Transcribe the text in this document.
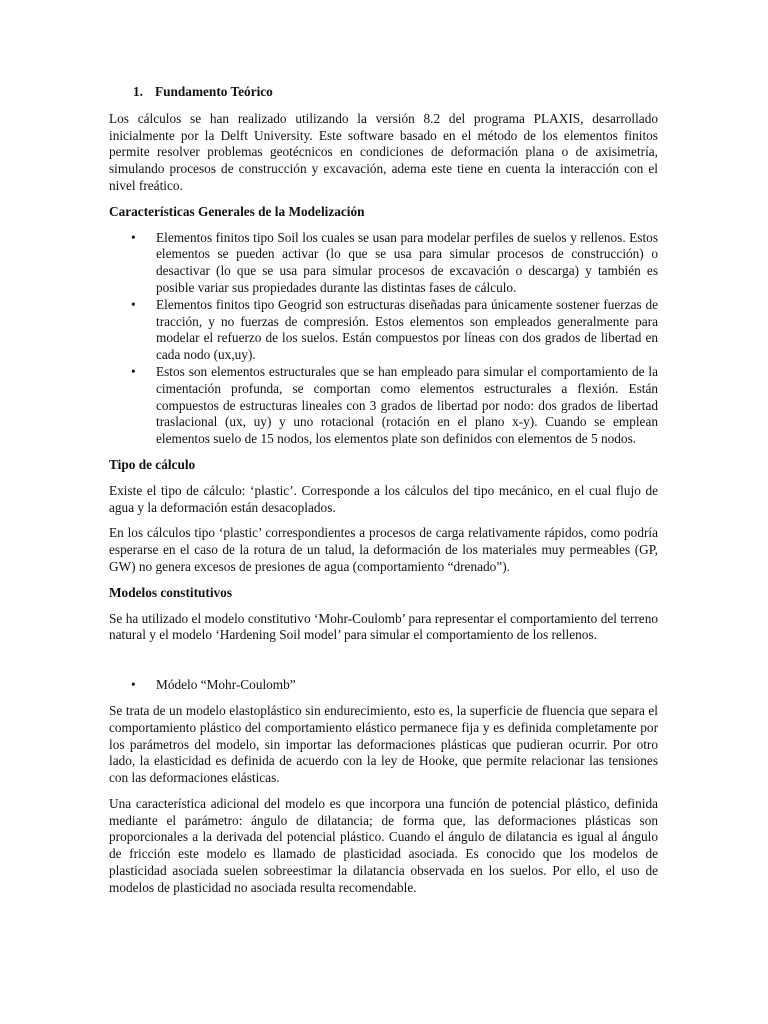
1. Fundamento Teórico

Los cálculos se han realizado utilizando la versión 8.2 del programa PLAXIS, desarrollado inicialmente por la Delft University. Este software basado en el método de los elementos finitos permite resolver problemas geotécnicos en condiciones de deformación plana o de axisimetría, simulando procesos de construcción y excavación, adema este tiene en cuenta la interacción con el nivel freático.

Características Generales de la Modelización
• Elementos finitos tipo Soil los cuales se usan para modelar perfiles de suelos y rellenos. Estos elementos se pueden activar (lo que se usa para simular procesos de construcción) o desactivar (lo que se usa para simular procesos de excavación o descarga) y también es posible variar sus propiedades durante las distintas fases de cálculo.
• Elementos finitos tipo Geogrid son estructuras diseñadas para únicamente sostener fuerzas de tracción, y no fuerzas de compresión. Estos elementos son empleados generalmente para modelar el refuerzo de los suelos. Están compuestos por líneas con dos grados de libertad en cada nodo (ux,uy).
• Estos son elementos estructurales que se han empleado para simular el comportamiento de la cimentación profunda, se comportan como elementos estructurales a flexión. Están compuestos de estructuras lineales con 3 grados de libertad por nodo: dos grados de libertad traslacional (ux, uy) y uno rotacional (rotación en el plano x-y). Cuando se emplean elementos suelo de 15 nodos, los elementos plate son definidos con elementos de 5 nodos.
Tipo de cálculo

Existe el tipo de cálculo: ‘plastic’. Corresponde a los cálculos del tipo mecánico, en el cual flujo de agua y la deformación están desacoplados.

En los cálculos tipo ‘plastic’ correspondientes a procesos de carga relativamente rápidos, como podría esperarse en el caso de la rotura de un talud, la deformación de los materiales muy permeables (GP, GW) no genera excesos de presiones de agua (comportamiento “drenado”).

Modelos constitutivos

Se ha utilizado el modelo constitutivo ‘Mohr-Coulomb’ para representar el comportamiento del terreno natural y el modelo ‘Hardening Soil model’ para simular el comportamiento de los rellenos.

• Módelo “Mohr-Coulomb”

Se trata de un modelo elastoplástico sin endurecimiento, esto es, la superficie de fluencia que separa el comportamiento plástico del comportamiento elástico permanece fija y es definida completamente por los parámetros del modelo, sin importar las deformaciones plásticas que pudieran ocurrir. Por otro lado, la elasticidad es definida de acuerdo con la ley de Hooke, que permite relacionar las tensiones con las deformaciones elásticas.

Una característica adicional del modelo es que incorpora una función de potencial plástico, definida mediante el parámetro: ángulo de dilatancia; de forma que, las deformaciones plásticas son proporcionales a la derivada del potencial plástico. Cuando el ángulo de dilatancia es igual al ángulo de fricción este modelo es llamado de plasticidad asociada. Es conocido que los modelos de plasticidad asociada suelen sobreestimar la dilatancia observada en los suelos. Por ello, el uso de modelos de plasticidad no asociada resulta recomendable.
